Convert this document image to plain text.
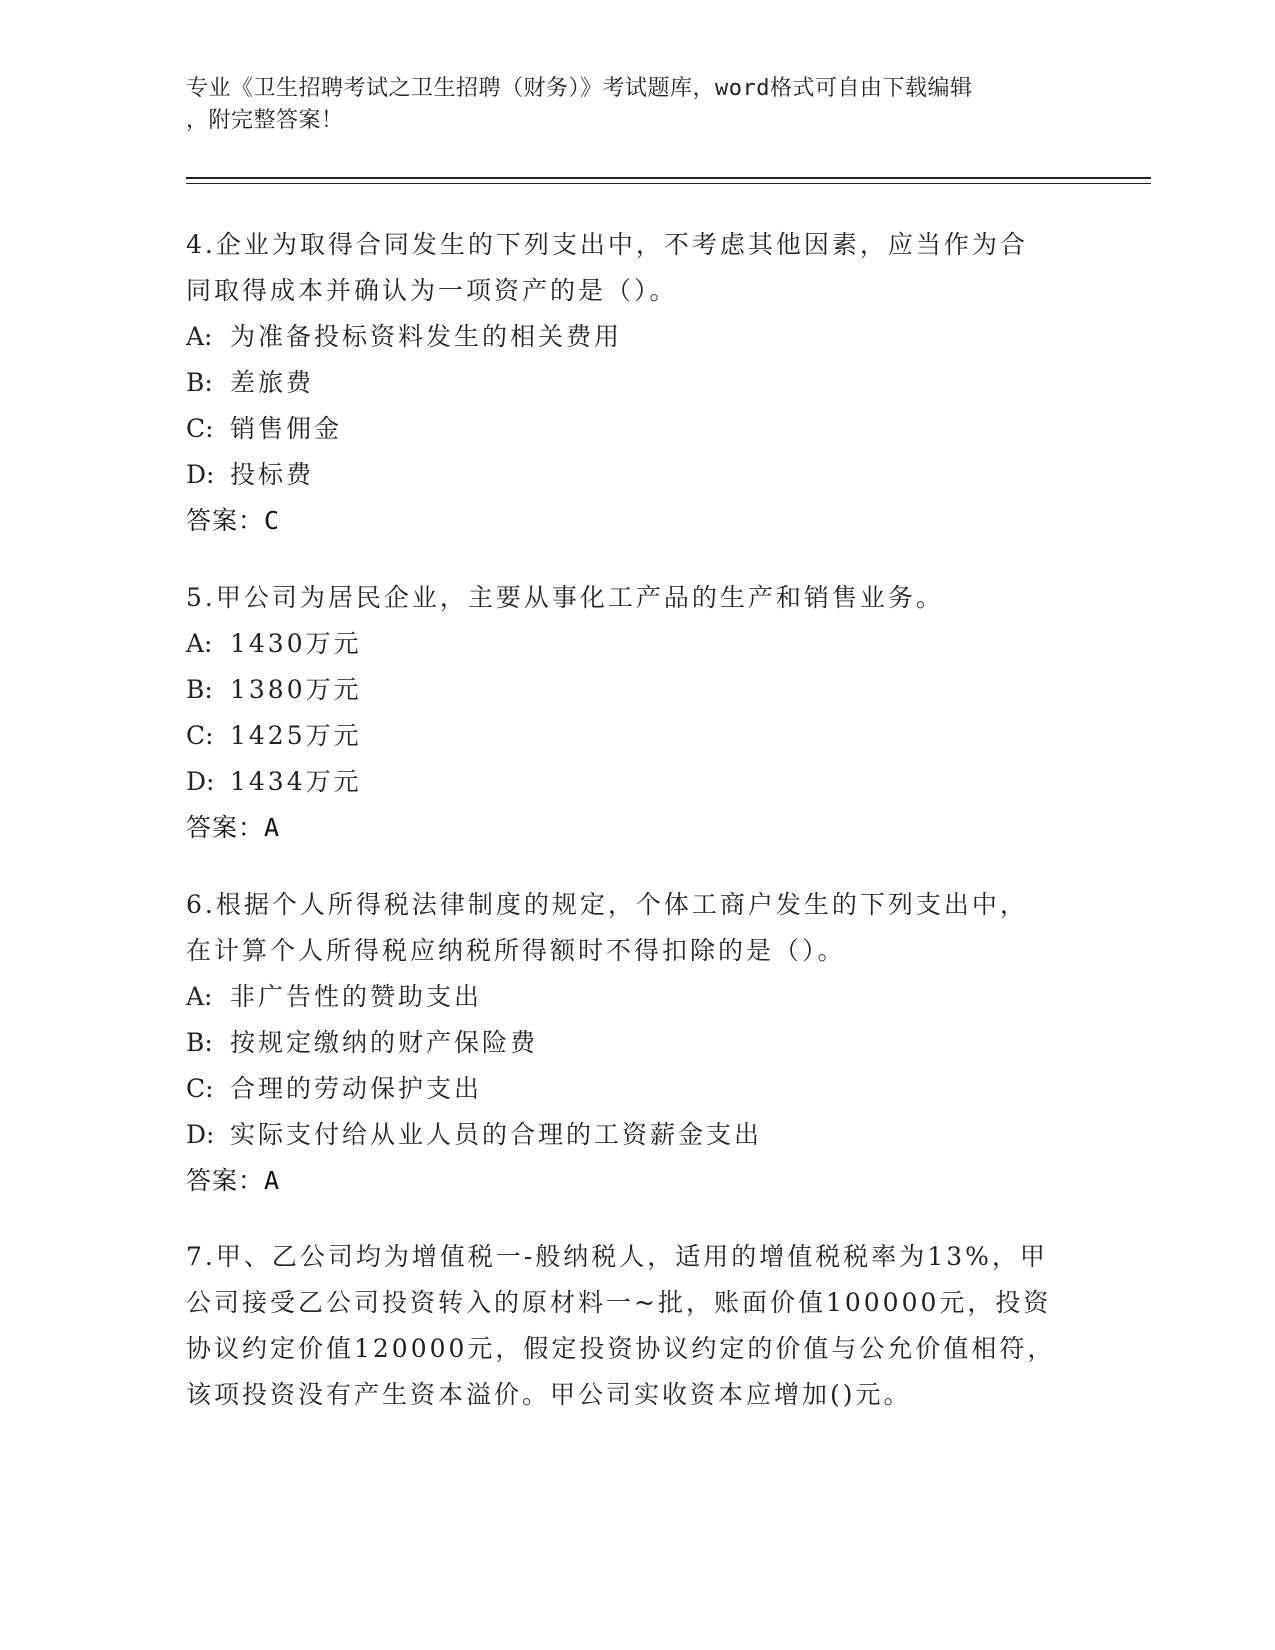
专业《卫生招聘考试之卫生招聘（财务）》考试题库，word格式可自由下载编辑
，附完整答案！

4.企业为取得合同发生的下列支出中，不考虑其他因素，应当作为合

同取得成本并确认为一项资产的是（）。

A: 为准备投标资料发生的相关费用

B: 差旅费

C: 销售佣金

D: 投标费

答案：C

5.甲公司为居民企业，主要从事化工产品的生产和销售业务。

A: 1430万元

B: 1380万元

C: 1425万元

D: 1434万元

答案：A

6.根据个人所得税法律制度的规定，个体工商户发生的下列支出中，

在计算个人所得税应纳税所得额时不得扣除的是（）。

A: 非广告性的赞助支出

B: 按规定缴纳的财产保险费

C: 合理的劳动保护支出

D: 实际支付给从业人员的合理的工资薪金支出

答案：A

7.甲、乙公司均为增值税一-般纳税人，适用的增值税税率为13%，甲

公司接受乙公司投资转入的原材料一~批，账面价值100000元，投资

协议约定价值120000元，假定投资协议约定的价值与公允价值相符，

该项投资没有产生资本溢价。甲公司实收资本应增加()元。
